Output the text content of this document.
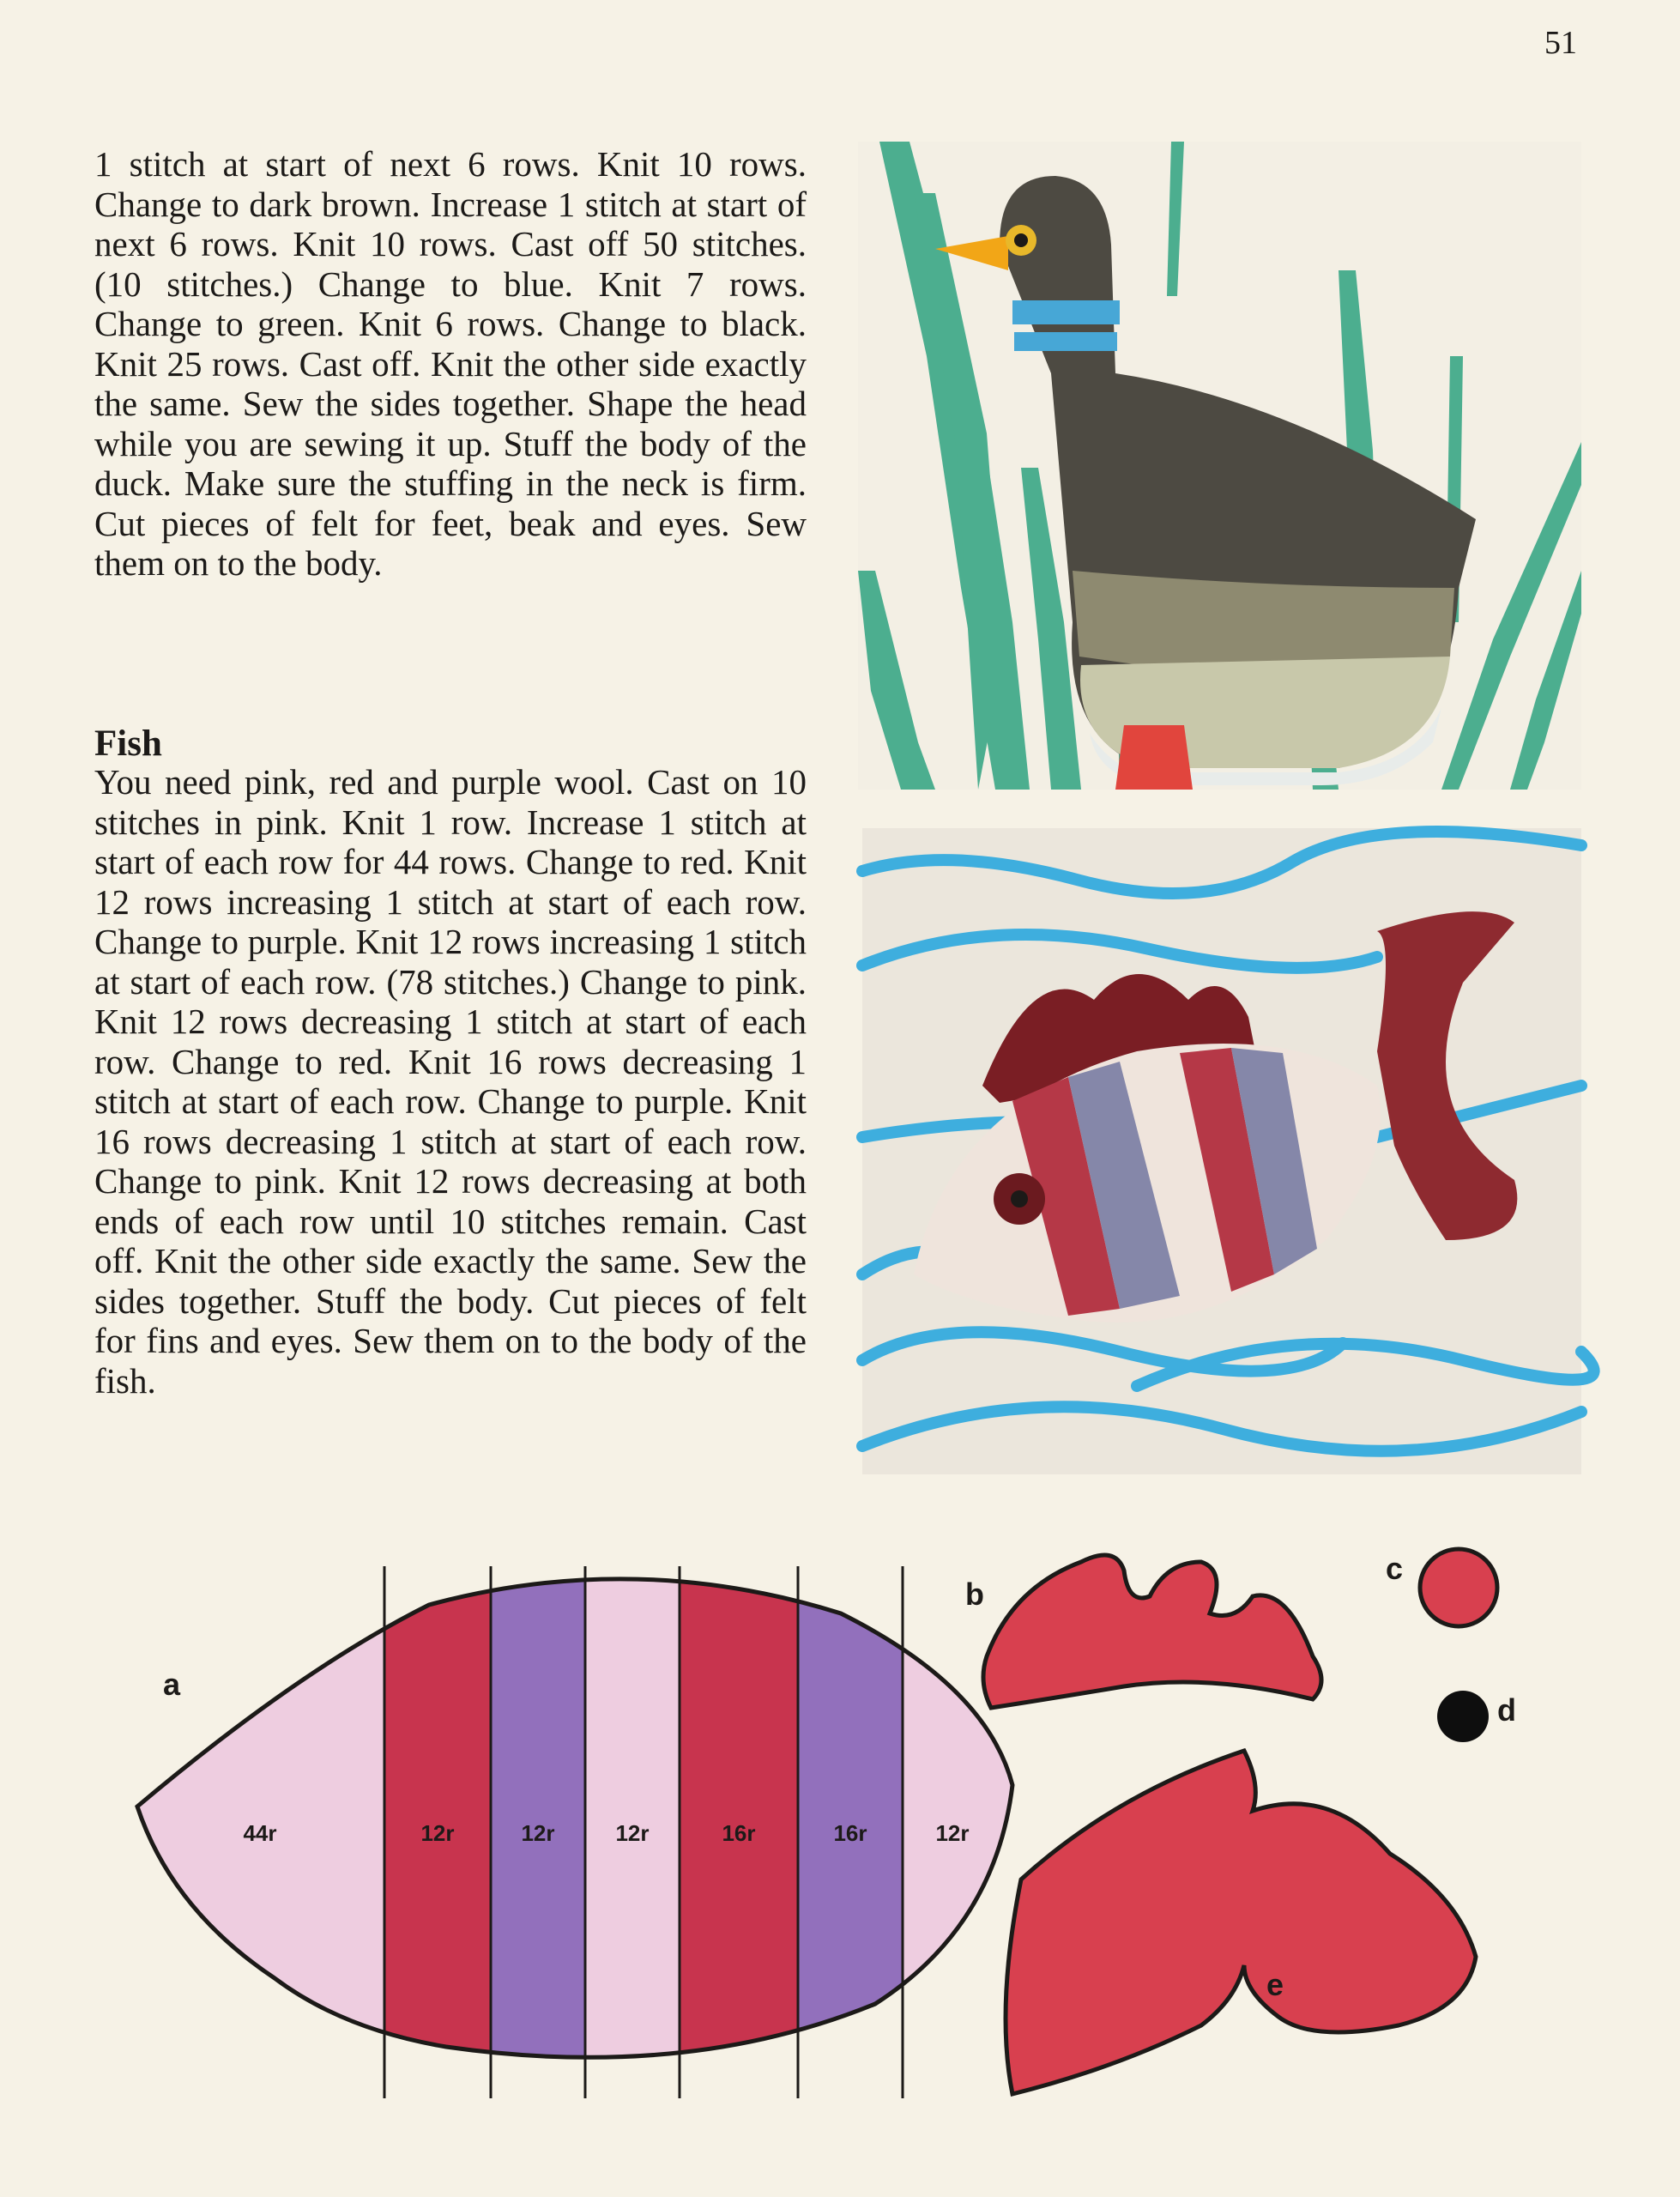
51
1 stitch at start of next 6 rows. Knit 10 rows. Change to dark brown. Increase 1 stitch at start of next 6 rows. Knit 10 rows. Cast off 50 stitches. (10 stitches.) Change to blue. Knit 7 rows. Change to green. Knit 6 rows. Change to black. Knit 25 rows. Cast off. Knit the other side exactly the same. Sew the sides together. Shape the head while you are sewing it up. Stuff the body of the duck. Make sure the stuffing in the neck is firm. Cut pieces of felt for feet, beak and eyes. Sew them on to the body.
Fish
You need pink, red and purple wool. Cast on 10 stitches in pink. Knit 1 row. Increase 1 stitch at start of each row for 44 rows. Change to red. Knit 12 rows increasing 1 stitch at start of each row. Change to purple. Knit 12 rows increasing 1 stitch at start of each row. (78 stitches.) Change to pink. Knit 12 rows decreasing 1 stitch at start of each row. Change to red. Knit 16 rows decreasing 1 stitch at start of each row. Change to purple. Knit 16 rows decreasing 1 stitch at start of each row. Change to pink. Knit 12 rows decreasing at both ends of each row until 10 stitches remain. Cast off. Knit the other side exactly the same. Sew the sides together. Stuff the body. Cut pieces of felt for fins and eyes. Sew them on to the body of the fish.
a
44r	12r	12r	12r	16r	16r	12r
b
c
d
e
